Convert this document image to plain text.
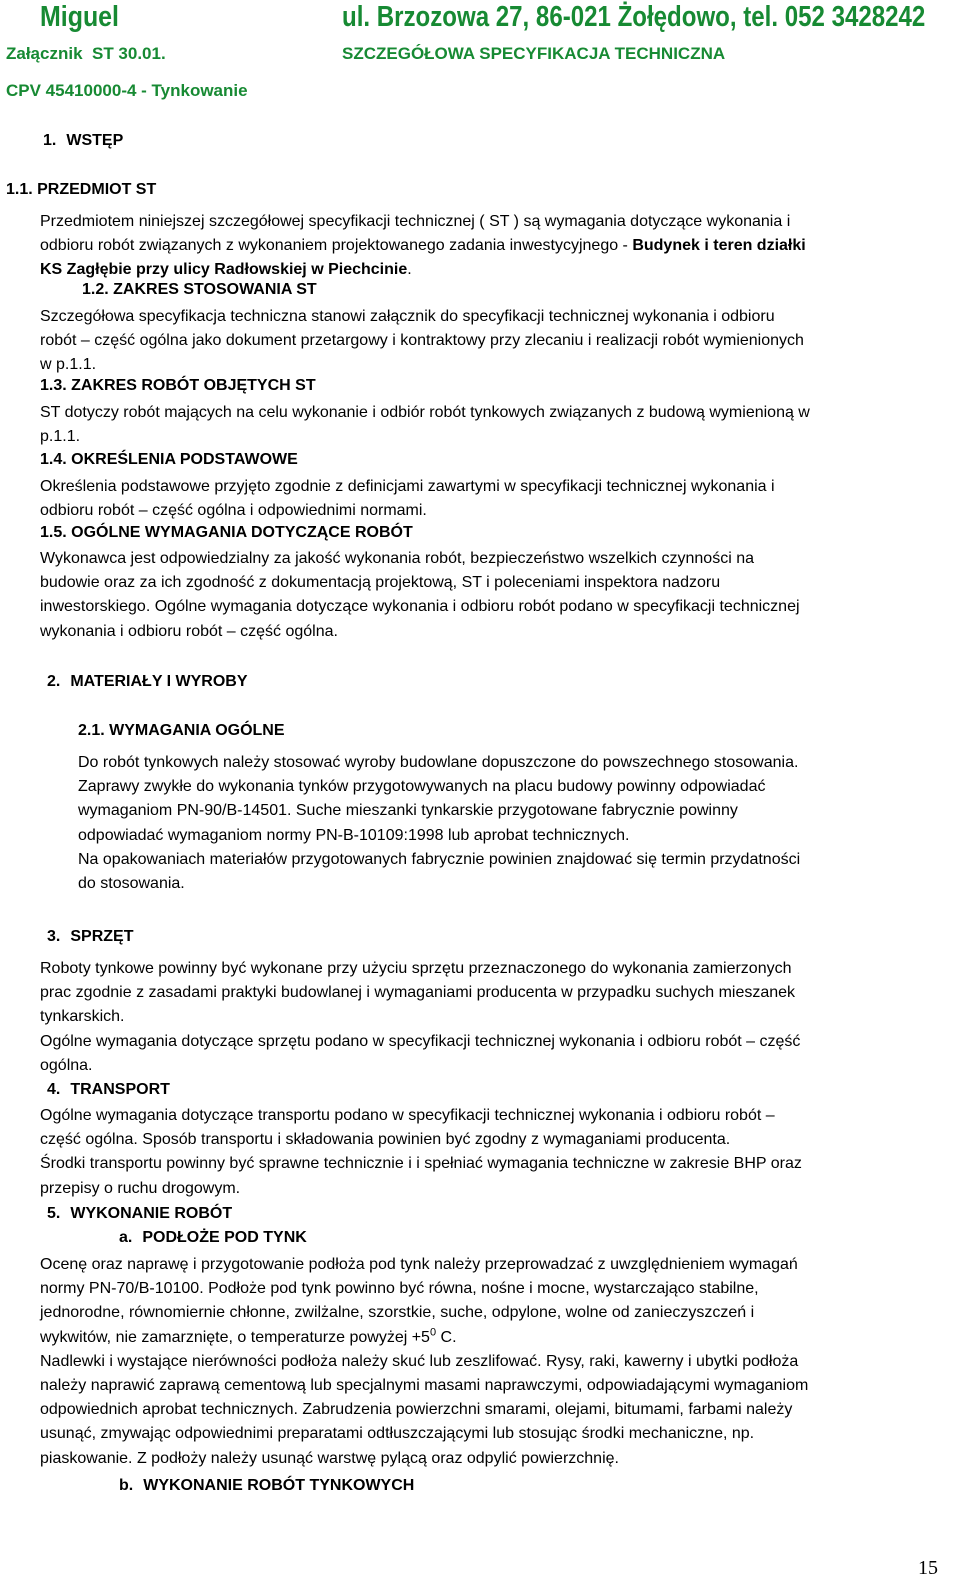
Miguel	ul. Brzozowa 27, 86-021 Żołędowo, tel. 052 3428242
Załącznik  ST 30.01.	SZCZEGÓŁOWA SPECYFIKACJA TECHNICZNA
CPV 45410000-4 - Tynkowanie
1. WSTĘP
1.1. PRZEDMIOT ST
Przedmiotem niniejszej szczegółowej specyfikacji technicznej ( ST ) są wymagania dotyczące wykonania i
odbioru robót związanych z wykonaniem projektowanego zadania inwestycyjnego - Budynek i teren działki
KS Zagłębie przy ulicy Radłowskiej w Piechcinie.
1.2. ZAKRES STOSOWANIA ST
Szczegółowa specyfikacja techniczna stanowi załącznik do specyfikacji technicznej wykonania i odbioru
robót – część ogólna jako dokument przetargowy i kontraktowy przy zlecaniu i realizacji robót wymienionych
w p.1.1.
1.3. ZAKRES ROBÓT OBJĘTYCH ST
ST dotyczy robót mających na celu wykonanie i odbiór robót tynkowych związanych z budową wymienioną w
p.1.1.
1.4. OKREŚLENIA PODSTAWOWE
Określenia podstawowe przyjęto zgodnie z definicjami zawartymi w specyfikacji technicznej wykonania i
odbioru robót – część ogólna i odpowiednimi normami.
1.5. OGÓLNE WYMAGANIA DOTYCZĄCE ROBÓT
Wykonawca jest odpowiedzialny za jakość wykonania robót, bezpieczeństwo wszelkich czynności na
budowie oraz za ich zgodność z dokumentacją projektową, ST i poleceniami inspektora nadzoru
inwestorskiego. Ogólne wymagania dotyczące wykonania i odbioru robót podano w specyfikacji technicznej
wykonania i odbioru robót – część ogólna.
2. MATERIAŁY I WYROBY
2.1. WYMAGANIA OGÓLNE
Do robót tynkowych należy stosować wyroby budowlane dopuszczone do powszechnego stosowania.
Zaprawy zwykłe do wykonania tynków przygotowywanych na placu budowy powinny odpowiadać
wymaganiom PN-90/B-14501. Suche mieszanki tynkarskie przygotowane fabrycznie powinny
odpowiadać wymaganiom normy PN-B-10109:1998 lub aprobat technicznych.
Na opakowaniach materiałów przygotowanych fabrycznie powinien znajdować się termin przydatności
do stosowania.
3. SPRZĘT
Roboty tynkowe powinny być wykonane przy użyciu sprzętu przeznaczonego do wykonania zamierzonych
prac zgodnie z zasadami praktyki budowlanej i wymaganiami producenta w przypadku suchych mieszanek
tynkarskich.
Ogólne wymagania dotyczące sprzętu podano w specyfikacji technicznej wykonania i odbioru robót – część
ogólna.
4. TRANSPORT
Ogólne wymagania dotyczące transportu podano w specyfikacji technicznej wykonania i odbioru robót –
część ogólna. Sposób transportu i składowania powinien być zgodny z wymaganiami producenta.
Środki transportu powinny być sprawne technicznie i i spełniać wymagania techniczne w zakresie BHP oraz
przepisy o ruchu drogowym.
5. WYKONANIE ROBÓT
a. PODŁOŻE POD TYNK
Ocenę oraz naprawę i przygotowanie podłoża pod tynk należy przeprowadzać z uwzględnieniem wymagań
normy PN-70/B-10100. Podłoże pod tynk powinno być równa, nośne i mocne, wystarczająco stabilne,
jednorodne, równomiernie chłonne, zwilżalne, szorstkie, suche, odpylone, wolne od zanieczyszczeń i
wykwitów, nie zamarznięte, o temperaturze powyżej $+5^0$ C.
Nadlewki i wystające nierówności podłoża należy skuć lub zeszlifować. Rysy, raki, kawerny i ubytki podłoża
należy naprawić zaprawą cementową lub specjalnymi masami naprawczymi, odpowiadającymi wymaganiom
odpowiednich aprobat technicznych. Zabrudzenia powierzchni smarami, olejami, bitumami, farbami należy
usunąć, zmywając odpowiednimi preparatami odtłuszczającymi lub stosując środki mechaniczne, np.
piaskowanie. Z podłoży należy usunąć warstwę pylącą oraz odpylić powierzchnię.
b. WYKONANIE ROBÓT TYNKOWYCH
15
